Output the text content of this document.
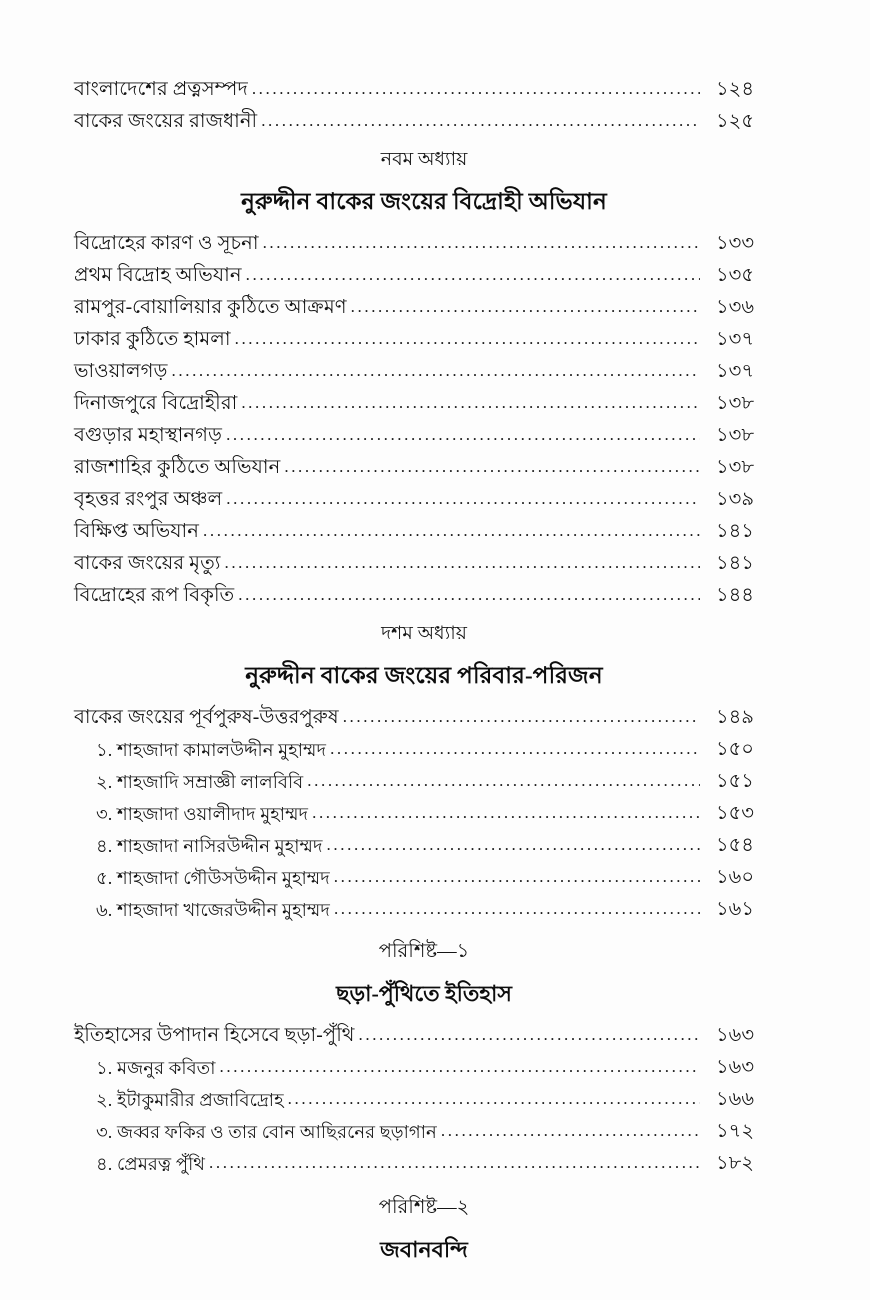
বাংলাদেশের প্রত্নসম্পদ .....	১২৪
বাকের জংয়ের রাজধানী .....	১২৫
নবম অধ্যায়
নুরুদ্দীন বাকের জংয়ের বিদ্রোহী অভিযান
বিদ্রোহের কারণ ও সূচনা .....	১৩৩
প্রথম বিদ্রোহ অভিযান .....	১৩৫
রামপুর-বোয়ালিয়ার কুঠিতে আক্রমণ .....	১৩৬
ঢাকার কুঠিতে হামলা .....	১৩৭
ভাওয়ালগড় .....	১৩৭
দিনাজপুরে বিদ্রোহীরা .....	১৩৮
বগুড়ার মহাস্থানগড় .....	১৩৮
রাজশাহির কুঠিতে অভিযান .....	১৩৮
বৃহত্তর রংপুর অঞ্চল .....	১৩৯
বিক্ষিপ্ত অভিযান .....	১৪১
বাকের জংয়ের মৃত্যু .....	১৪১
বিদ্রোহের রূপ বিকৃতি .....	১৪৪
দশম অধ্যায়
নুরুদ্দীন বাকের জংয়ের পরিবার-পরিজন
বাকের জংয়ের পূর্বপুরুষ-উত্তরপুরুষ .....	১৪৯
১. শাহজাদা কামালউদ্দীন মুহাম্মদ .....	১৫০
২. শাহজাদি সম্রাজ্ঞী লালবিবি .....	১৫১
৩. শাহজাদা ওয়ালীদাদ মুহাম্মদ .....	১৫৩
৪. শাহজাদা নাসিরউদ্দীন মুহাম্মদ .....	১৫৪
৫. শাহজাদা গৌউসউদ্দীন মুহাম্মদ .....	১৬০
৬. শাহজাদা খাজেরউদ্দীন মুহাম্মদ .....	১৬১
পরিশিষ্ট—১
ছড়া-পুঁথিতে ইতিহাস
ইতিহাসের উপাদান হিসেবে ছড়া-পুঁথি .....	১৬৩
১. মজনুর কবিতা .....	১৬৩
২. ইটাকুমারীর প্রজাবিদ্রোহ .....	১৬৬
৩. জব্বর ফকির ও তার বোন আছিরনের ছড়াগান .....	১৭২
৪. প্রেমরত্ন পুঁথি .....	১৮২
পরিশিষ্ট—২
জবানবন্দি
